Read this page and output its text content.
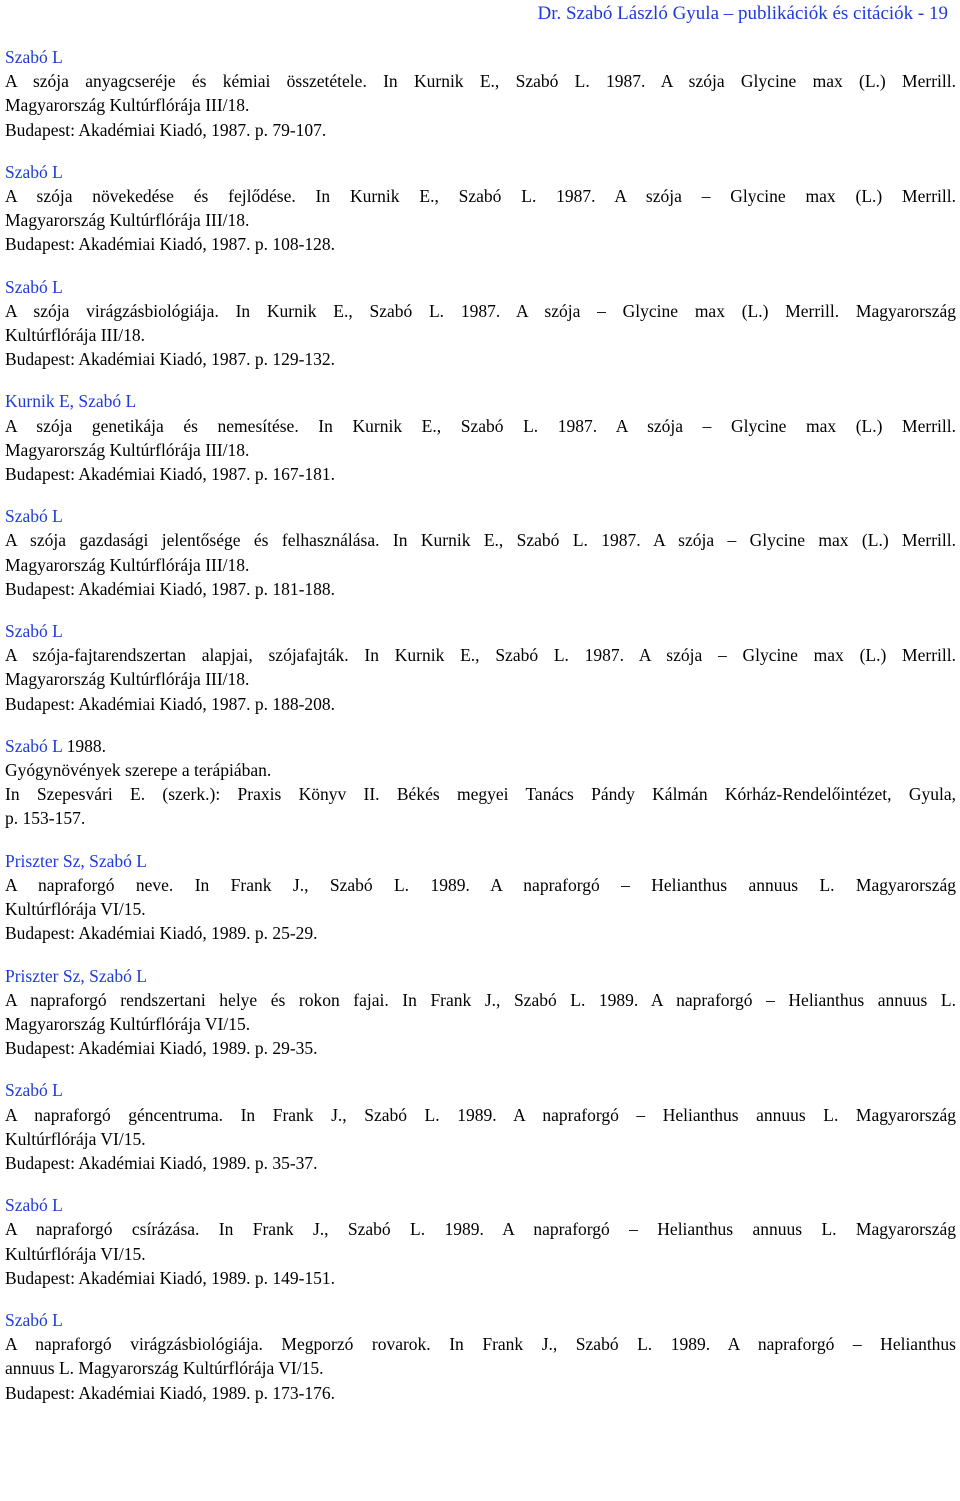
Dr. Szabó László Gyula – publikációk és citációk - 19
Szabó L
A szója anyagcseréje és kémiai összetétele. In Kurnik E., Szabó L. 1987. A szója Glycine max (L.) Merrill.
Magyarország Kultúrflórája III/18.
Budapest: Akadémiai Kiadó, 1987. p. 79-107.
Szabó L
A szója növekedése és fejlődése. In Kurnik E., Szabó L. 1987. A szója – Glycine max (L.) Merrill.
Magyarország Kultúrflórája III/18.
Budapest: Akadémiai Kiadó, 1987. p. 108-128.
Szabó L
A szója virágzásbiológiája. In Kurnik E., Szabó L. 1987. A szója – Glycine max (L.) Merrill. Magyarország
Kultúrflórája III/18.
Budapest: Akadémiai Kiadó, 1987. p. 129-132.
Kurnik E, Szabó L
A szója genetikája és nemesítése. In Kurnik E., Szabó L. 1987. A szója – Glycine max (L.) Merrill.
Magyarország Kultúrflórája III/18.
Budapest: Akadémiai Kiadó, 1987. p. 167-181.
Szabó L
A szója gazdasági jelentősége és felhasználása. In Kurnik E., Szabó L. 1987. A szója – Glycine max (L.) Merrill.
Magyarország Kultúrflórája III/18.
Budapest: Akadémiai Kiadó, 1987. p. 181-188.
Szabó L
A szója-fajtarendszertan alapjai, szójafajták. In Kurnik E., Szabó L. 1987. A szója – Glycine max (L.) Merrill.
Magyarország Kultúrflórája III/18.
Budapest: Akadémiai Kiadó, 1987. p. 188-208.
Szabó L 1988.
Gyógynövények szerepe a terápiában.
In Szepesvári E. (szerk.): Praxis Könyv II. Békés megyei Tanács Pándy Kálmán Kórház-Rendelőintézet, Gyula,
p. 153-157.
Priszter Sz, Szabó L
A napraforgó neve. In Frank J., Szabó L. 1989. A napraforgó – Helianthus annuus L. Magyarország
Kultúrflórája VI/15.
Budapest: Akadémiai Kiadó, 1989. p. 25-29.
Priszter Sz, Szabó L
A napraforgó rendszertani helye és rokon fajai. In Frank J., Szabó L. 1989. A napraforgó – Helianthus annuus L.
Magyarország Kultúrflórája VI/15.
Budapest: Akadémiai Kiadó, 1989. p. 29-35.
Szabó L
A napraforgó géncentruma. In Frank J., Szabó L. 1989. A napraforgó – Helianthus annuus L. Magyarország
Kultúrflórája VI/15.
Budapest: Akadémiai Kiadó, 1989. p. 35-37.
Szabó L
A napraforgó csírázása. In Frank J., Szabó L. 1989. A napraforgó – Helianthus annuus L. Magyarország
Kultúrflórája VI/15.
Budapest: Akadémiai Kiadó, 1989. p. 149-151.
Szabó L
A napraforgó virágzásbiológiája. Megporzó rovarok. In Frank J., Szabó L. 1989. A napraforgó – Helianthus
annuus L. Magyarország Kultúrflórája VI/15.
Budapest: Akadémiai Kiadó, 1989. p. 173-176.
